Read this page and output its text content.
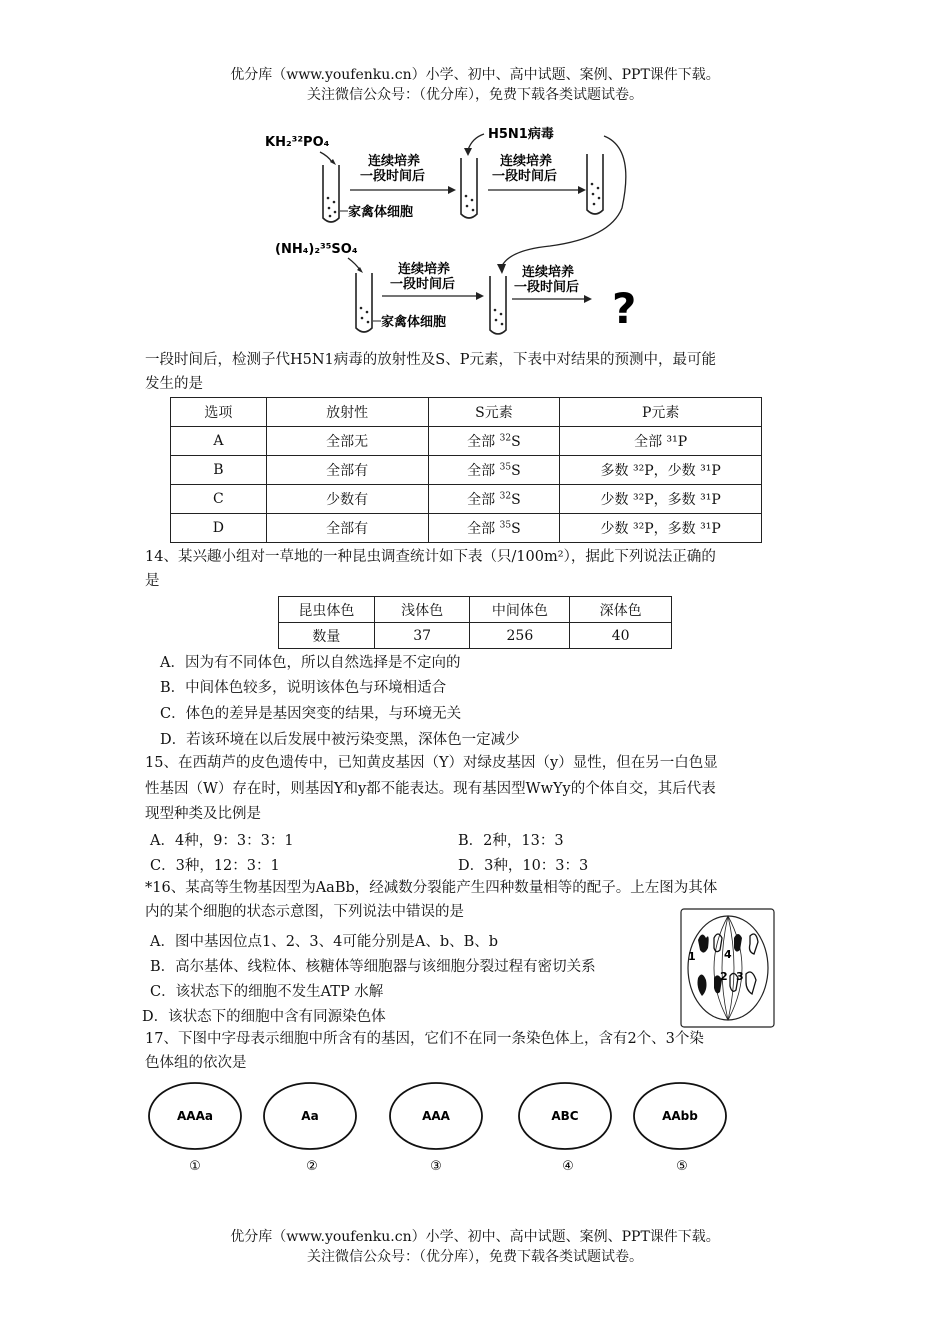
优分库（www.youfenku.cn）小学、初中、高中试题、案例、PPT课件下载。
关注微信公众号：（优分库），免费下载各类试题试卷。
KH₂³²PO₄
家禽体细胞
连续培养
一段时间后
H5N1病毒
连续培养
一段时间后
(NH₄)₂³⁵SO₄
家禽体细胞
连续培养
一段时间后
连续培养
一段时间后 ?
一段时间后，检测子代H5N1病毒的放射性及S、P元素，下表中对结果的预测中，最可能
发生的是
选项	放射性	S元素	P元素
A	全部无	全部 $^{32}$S	全部 ³¹P
B	全部有	全部 $^{35}$S	多数 ³²P，少数 ³¹P
C	少数有	全部 $^{32}$S	少数 ³²P，多数 ³¹P
D	全部有	全部 $^{35}$S	少数 ³²P，多数 ³¹P
14、某兴趣小组对一草地的一种昆虫调查统计如下表（只/100m²），据此下列说法正确的
是
昆虫体色	浅体色	中间体色	深体色
数量	37	256	40
A．因为有不同体色，所以自然选择是不定向的
B．中间体色较多，说明该体色与环境相适合
C．体色的差异是基因突变的结果，与环境无关
D．若该环境在以后发展中被污染变黑，深体色一定减少
15、在西葫芦的皮色遗传中，已知黄皮基因（Y）对绿皮基因（y）显性，但在另一白色显
性基因（W）存在时，则基因Y和y都不能表达。现有基因型WwYy的个体自交，其后代表
现型种类及比例是
A．4种，9：3：3：1	B．2种，13：3
C．3种，12：3：1	D．3种，10：3：3
*16、某高等生物基因型为AaBb，经减数分裂能产生四种数量相等的配子。上左图为其体
内的某个细胞的状态示意图，下列说法中错误的是
A．图中基因位点1、2、3、4可能分别是A、b、B、b
B．高尔基体、线粒体、核糖体等细胞器与该细胞分裂过程有密切关系
C．该状态下的细胞不发生ATP 水解
D．该状态下的细胞中含有同源染色体
1	4
2 3
17、下图中字母表示细胞中所含有的基因，它们不在同一条染色体上，含有2个、3个染
色体组的依次是
AAAa
①
Aa
②
AAA
③
ABC
④
AAbb
⑤
优分库（www.youfenku.cn）小学、初中、高中试题、案例、PPT课件下载。
关注微信公众号：（优分库），免费下载各类试题试卷。
